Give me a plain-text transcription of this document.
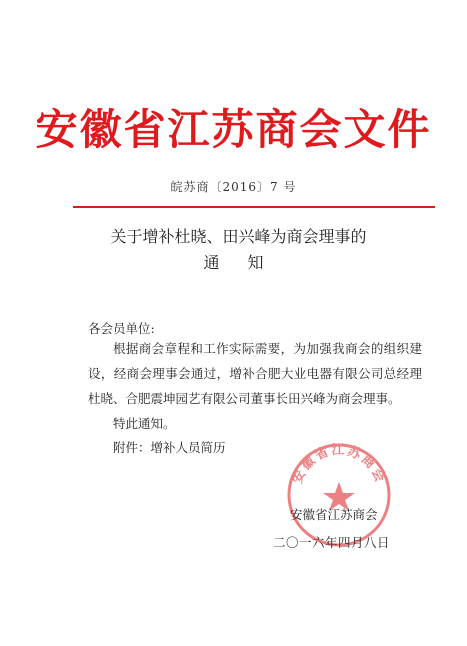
安徽省江苏商会文件
皖苏商〔2016〕7 号
关于增补杜晓、田兴峰为商会理事的
通知
各会员单位:

根据商会章程和工作实际需要，为加强我商会的组织建设，经商会理事会通过，增补合肥大业电器有限公司总经理杜晓、合肥震坤园艺有限公司董事长田兴峰为商会理事。

特此通知。

附件：增补人员简历
安徽省江苏商会
安徽省江苏商会
二〇一六年四月八日
